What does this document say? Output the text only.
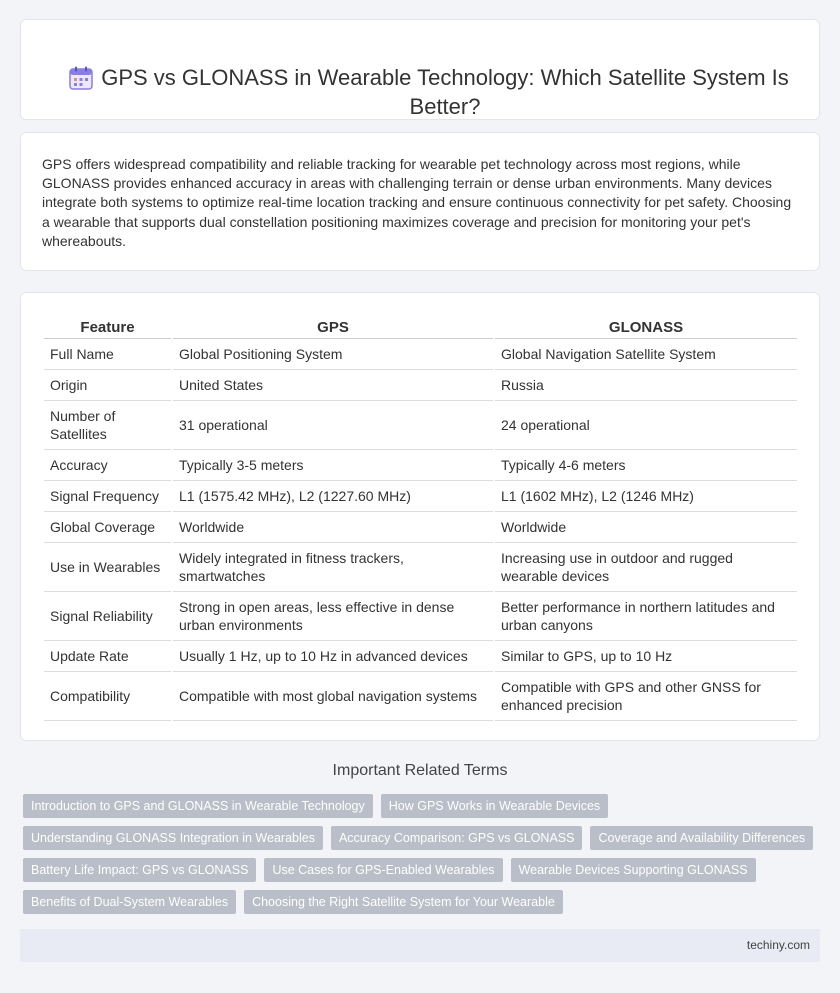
GPS vs GLONASS in Wearable Technology: Which Satellite System Is Better?

GPS offers widespread compatibility and reliable tracking for wearable pet technology across most regions, while GLONASS provides enhanced accuracy in areas with challenging terrain or dense urban environments. Many devices integrate both systems to optimize real-time location tracking and ensure continuous connectivity for pet safety. Choosing a wearable that supports dual constellation positioning maximizes coverage and precision for monitoring your pet's whereabouts.

Feature	GPS	GLONASS
Full Name	Global Positioning System	Global Navigation Satellite System
Origin	United States	Russia
Number of Satellites	31 operational	24 operational
Accuracy	Typically 3-5 meters	Typically 4-6 meters
Signal Frequency	L1 (1575.42 MHz), L2 (1227.60 MHz)	L1 (1602 MHz), L2 (1246 MHz)
Global Coverage	Worldwide	Worldwide
Use in Wearables	Widely integrated in fitness trackers, smartwatches	Increasing use in outdoor and rugged wearable devices
Signal Reliability	Strong in open areas, less effective in dense urban environments	Better performance in northern latitudes and urban canyons
Update Rate	Usually 1 Hz, up to 10 Hz in advanced devices	Similar to GPS, up to 10 Hz
Compatibility	Compatible with most global navigation systems	Compatible with GPS and other GNSS for enhanced precision
Important Related Terms
Introduction to GPS and GLONASS in Wearable Technology	How GPS Works in Wearable Devices
Understanding GLONASS Integration in Wearables	Accuracy Comparison: GPS vs GLONASS	Coverage and Availability Differences
Battery Life Impact: GPS vs GLONASS	Use Cases for GPS-Enabled Wearables	Wearable Devices Supporting GLONASS
Benefits of Dual-System Wearables	Choosing the Right Satellite System for Your Wearable
techiny.com
